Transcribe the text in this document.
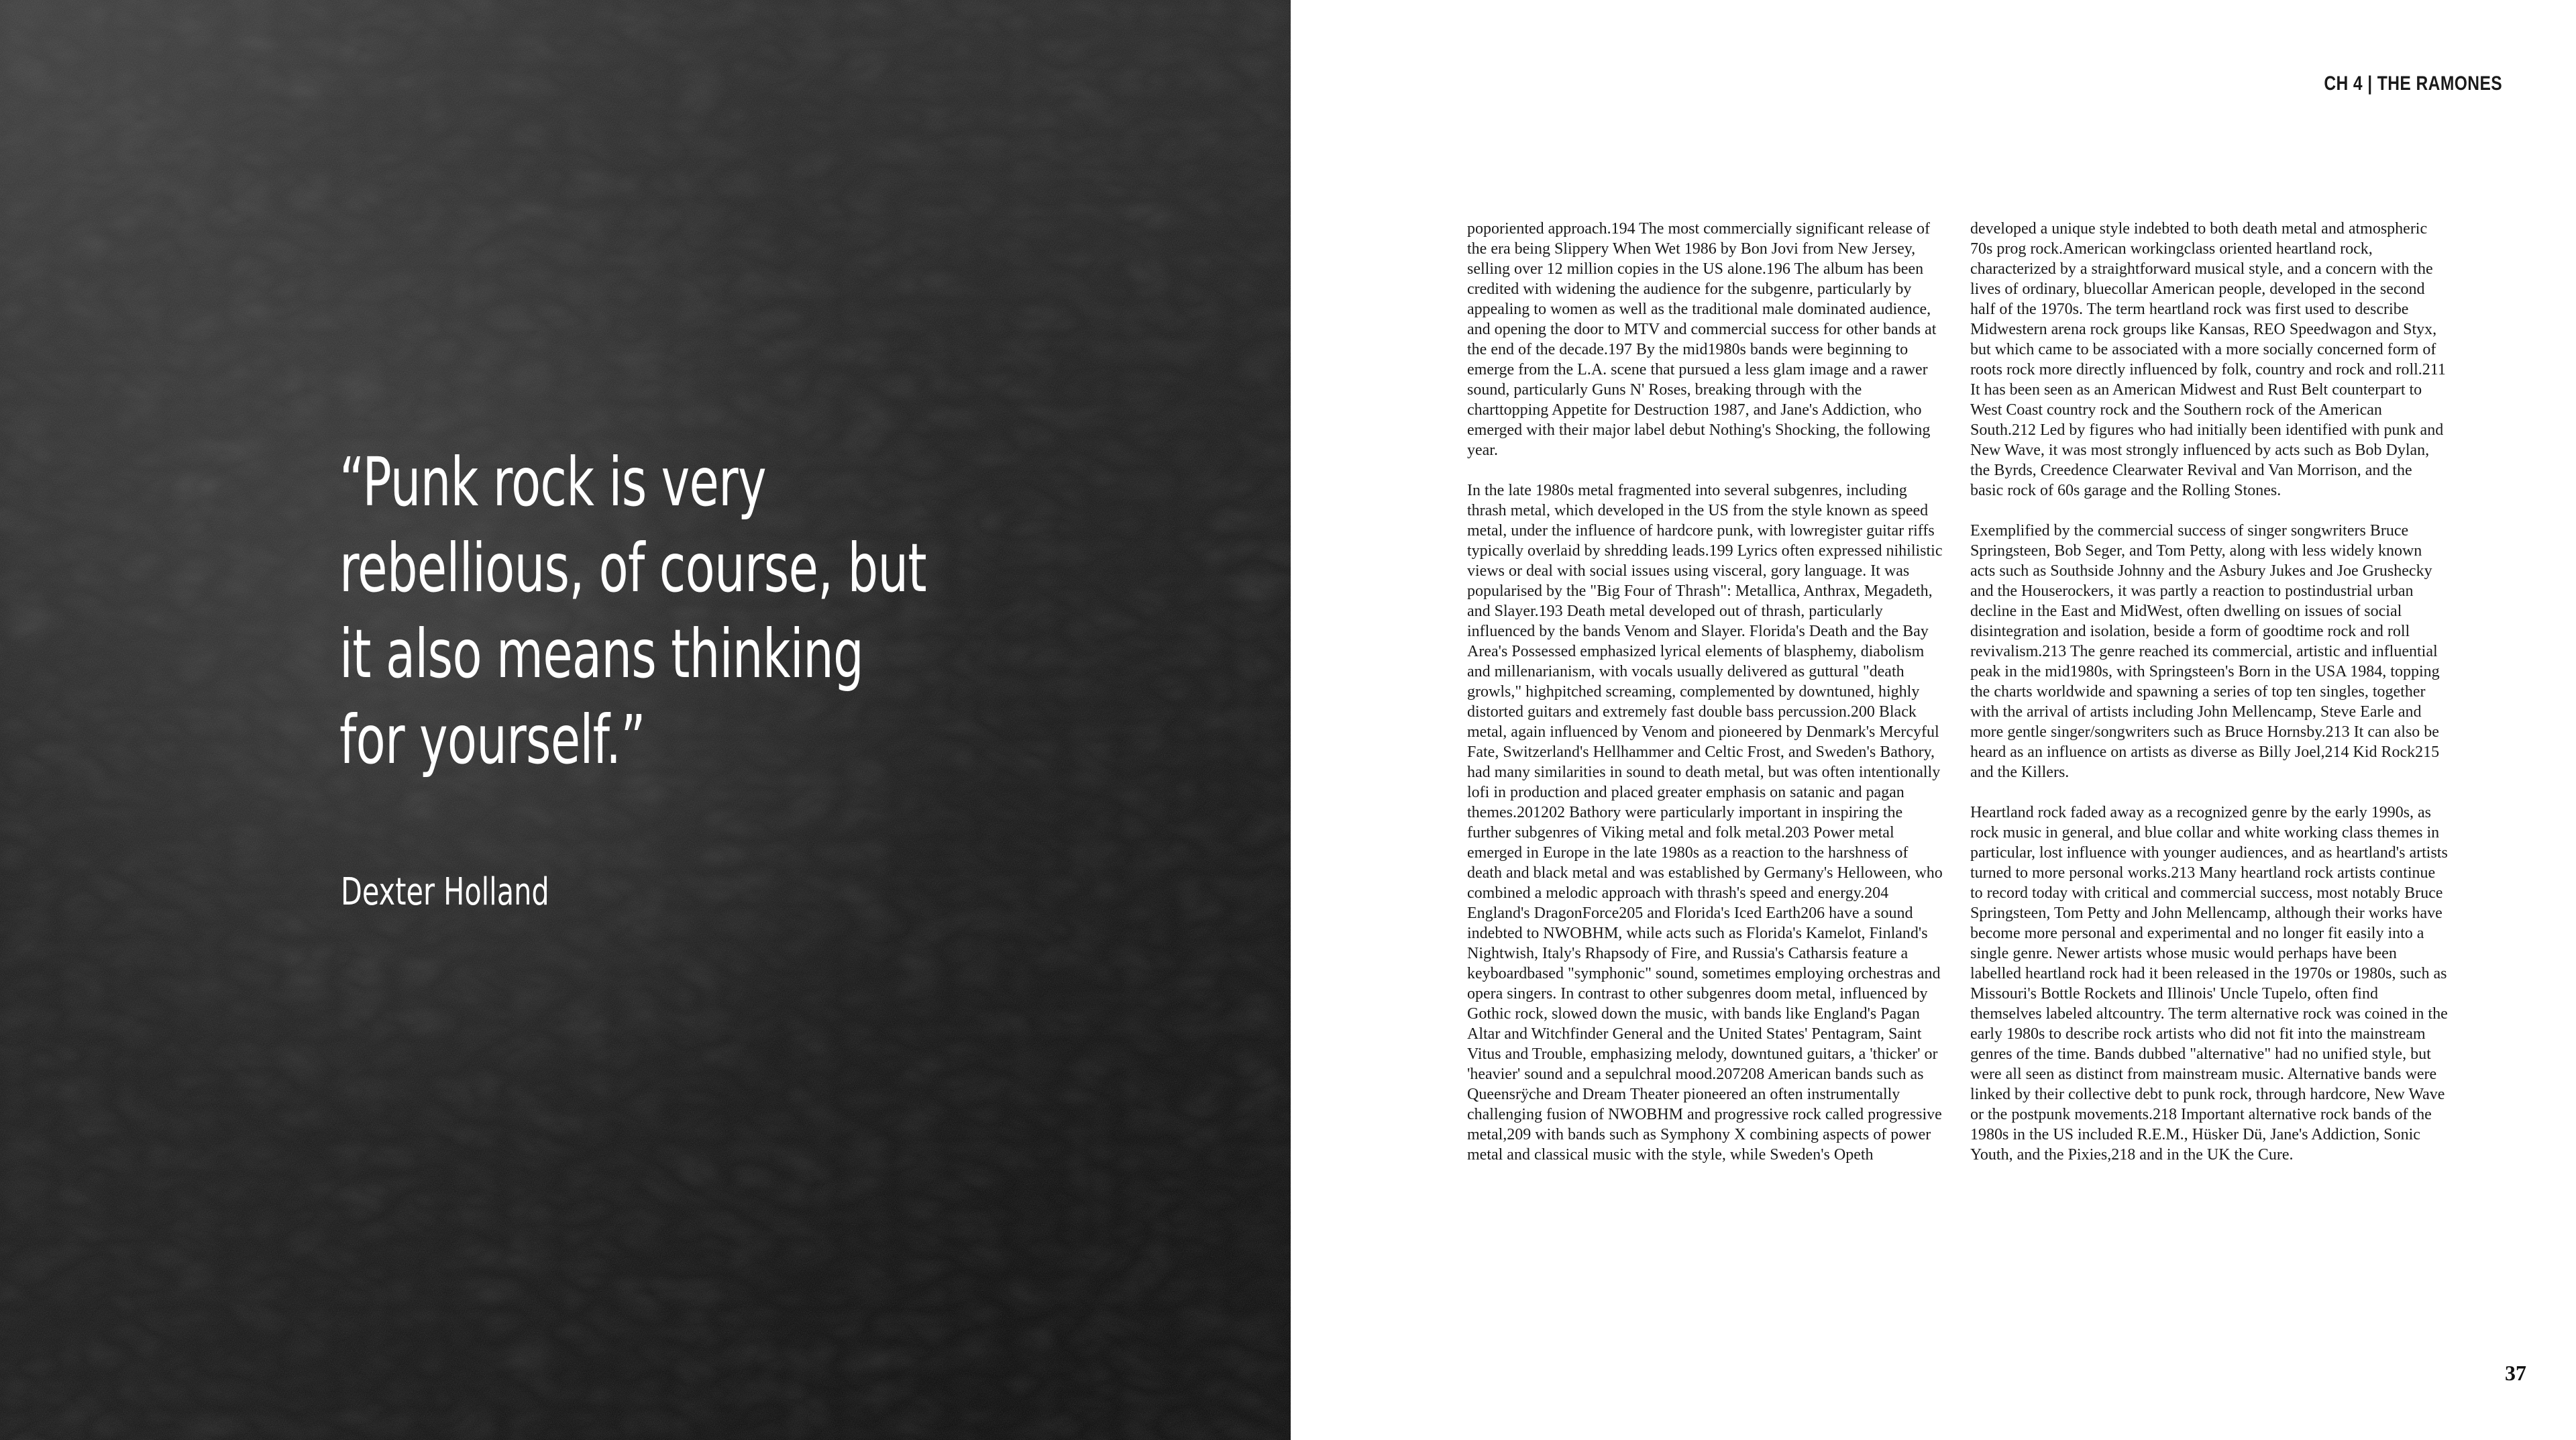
“Punk rock is very
rebellious, of course, but
it also means thinking
for yourself.”
Dexter Holland
CH 4 | THE RAMONES

poporiented approach.194 The most commercially significant release of the era being Slippery When Wet 1986 by Bon Jovi from New Jersey, selling over 12 million copies in the US alone.196 The album has been credited with widening the audience for the subgenre, particularly by appealing to women as well as the traditional male dominated audience, and opening the door to MTV and commercial success for other bands at the end of the decade.197 By the mid1980s bands were beginning to emerge from the L.A. scene that pursued a less glam image and a rawer sound, particularly Guns N' Roses, breaking through with the charttopping Appetite for Destruction 1987, and Jane's Addiction, who emerged with their major label debut Nothing's Shocking, the following year.

In the late 1980s metal fragmented into several subgenres, including thrash metal, which developed in the US from the style known as speed metal, under the influence of hardcore punk, with lowregister guitar riffs typically overlaid by shredding leads.199 Lyrics often expressed nihilistic views or deal with social issues using visceral, gory language. It was popularised by the "Big Four of Thrash": Metallica, Anthrax, Megadeth, and Slayer.193 Death metal developed out of thrash, particularly influenced by the bands Venom and Slayer. Florida's Death and the Bay Area's Possessed emphasized lyrical elements of blasphemy, diabolism and millenarianism, with vocals usually delivered as guttural "death growls," highpitched screaming, complemented by downtuned, highly distorted guitars and extremely fast double bass percussion.200 Black metal, again influenced by Venom and pioneered by Denmark's Mercyful Fate, Switzerland's Hellhammer and Celtic Frost, and Sweden's Bathory, had many similarities in sound to death metal, but was often intentionally lofi in production and placed greater emphasis on satanic and pagan themes.201202 Bathory were particularly important in inspiring the further subgenres of Viking metal and folk metal.203 Power metal emerged in Europe in the late 1980s as a reaction to the harshness of death and black metal and was established by Germany's Helloween, who combined a melodic approach with thrash's speed and energy.204 England's DragonForce205 and Florida's Iced Earth206 have a sound indebted to NWOBHM, while acts such as Florida's Kamelot, Finland's Nightwish, Italy's Rhapsody of Fire, and Russia's Catharsis feature a keyboardbased "symphonic" sound, sometimes employing orchestras and opera singers. In contrast to other subgenres doom metal, influenced by Gothic rock, slowed down the music, with bands like England's Pagan Altar and Witchfinder General and the United States' Pentagram, Saint Vitus and Trouble, emphasizing melody, downtuned guitars, a 'thicker' or 'heavier' sound and a sepulchral mood.207208 American bands such as Queensrÿche and Dream Theater pioneered an often instrumentally challenging fusion of NWOBHM and progressive rock called progressive metal,209 with bands such as Symphony X combining aspects of power metal and classical music with the style, while Sweden's Opeth

developed a unique style indebted to both death metal and atmospheric 70s prog rock.American workingclass oriented heartland rock, characterized by a straightforward musical style, and a concern with the lives of ordinary, bluecollar American people, developed in the second half of the 1970s. The term heartland rock was first used to describe Midwestern arena rock groups like Kansas, REO Speedwagon and Styx, but which came to be associated with a more socially concerned form of roots rock more directly influenced by folk, country and rock and roll.211 It has been seen as an American Midwest and Rust Belt counterpart to West Coast country rock and the Southern rock of the American South.212 Led by figures who had initially been identified with punk and New Wave, it was most strongly influenced by acts such as Bob Dylan, the Byrds, Creedence Clearwater Revival and Van Morrison, and the basic rock of 60s garage and the Rolling Stones.

Exemplified by the commercial success of singer songwriters Bruce Springsteen, Bob Seger, and Tom Petty, along with less widely known acts such as Southside Johnny and the Asbury Jukes and Joe Grushecky and the Houserockers, it was partly a reaction to postindustrial urban decline in the East and MidWest, often dwelling on issues of social disintegration and isolation, beside a form of goodtime rock and roll revivalism.213 The genre reached its commercial, artistic and influential peak in the mid1980s, with Springsteen's Born in the USA 1984, topping the charts worldwide and spawning a series of top ten singles, together with the arrival of artists including John Mellencamp, Steve Earle and more gentle singer/songwriters such as Bruce Hornsby.213 It can also be heard as an influence on artists as diverse as Billy Joel,214 Kid Rock215 and the Killers.

Heartland rock faded away as a recognized genre by the early 1990s, as rock music in general, and blue collar and white working class themes in particular, lost influence with younger audiences, and as heartland's artists turned to more personal works.213 Many heartland rock artists continue to record today with critical and commercial success, most notably Bruce Springsteen, Tom Petty and John Mellencamp, although their works have become more personal and experimental and no longer fit easily into a single genre. Newer artists whose music would perhaps have been labelled heartland rock had it been released in the 1970s or 1980s, such as Missouri's Bottle Rockets and Illinois' Uncle Tupelo, often find themselves labeled altcountry. The term alternative rock was coined in the early 1980s to describe rock artists who did not fit into the mainstream genres of the time. Bands dubbed "alternative" had no unified style, but were all seen as distinct from mainstream music. Alternative bands were linked by their collective debt to punk rock, through hardcore, New Wave or the postpunk movements.218 Important alternative rock bands of the 1980s in the US included R.E.M., Hüsker Dü, Jane's Addiction, Sonic Youth, and the Pixies,218 and in the UK the Cure.

37
